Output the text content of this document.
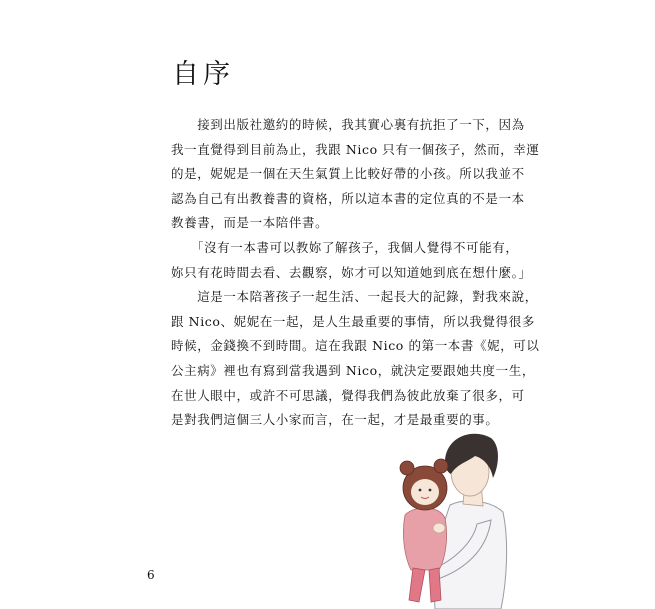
自序
　　接到出版社邀約的時候，我其實心裏有抗拒了一下，因為
我一直覺得到目前為止，我跟 Nico 只有一個孩子，然而，幸運
的是，妮妮是一個在天生氣質上比較好帶的小孩。所以我並不
認為自己有出教養書的資格，所以這本書的定位真的不是一本
教養書，而是一本陪伴書。
　　「沒有一本書可以教妳了解孩子，我個人覺得不可能有，
妳只有花時間去看、去觀察，妳才可以知道她到底在想什麼。」
　　這是一本陪著孩子一起生活、一起長大的記錄，對我來說，
跟 Nico、妮妮在一起，是人生最重要的事情，所以我覺得很多
時候，金錢換不到時間。這在我跟 Nico 的第一本書《妮，可以
公主病》裡也有寫到當我遇到 Nico，就決定要跟她共度一生，
在世人眼中，或許不可思議，覺得我們為彼此放棄了很多，可
是對我們這個三人小家而言，在一起，才是最重要的事。
6
